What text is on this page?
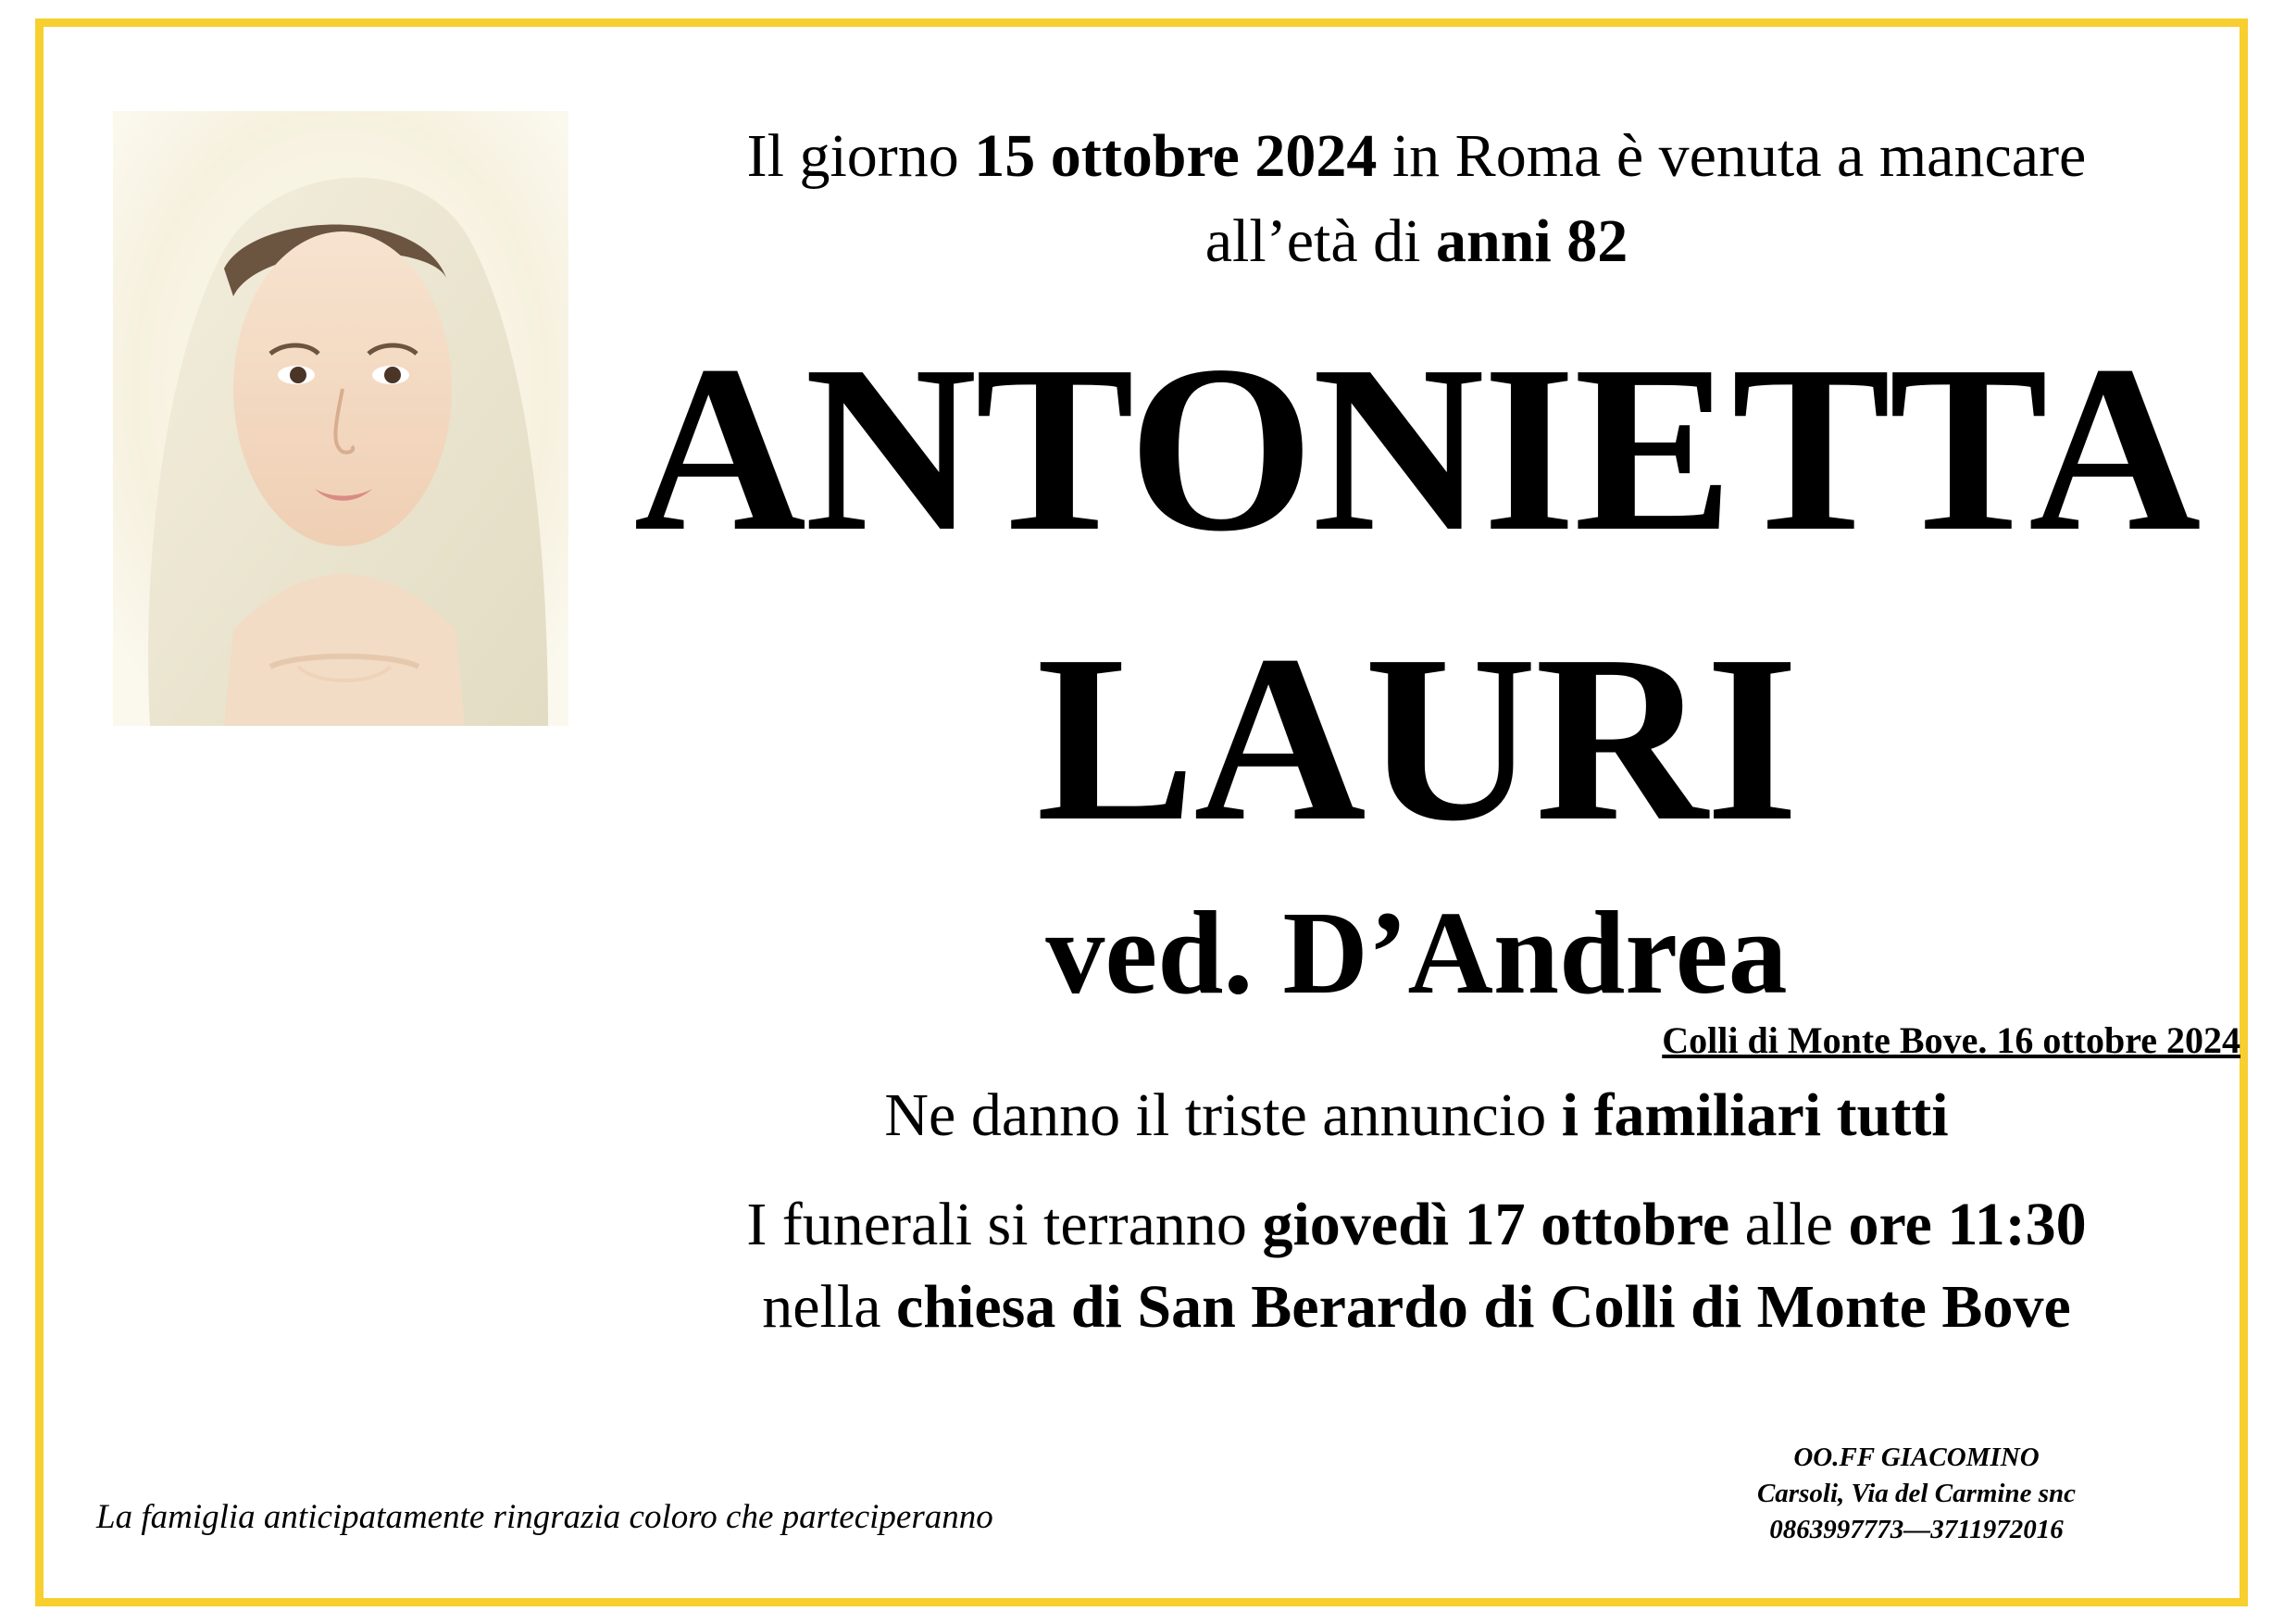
Il giorno 15 ottobre 2024 in Roma è venuta a mancare
all’età di anni 82
ANTONIETTA
LAURI
ved. D’Andrea
Colli di Monte Bove. 16 ottobre 2024
Ne danno il triste annuncio i familiari tutti
I funerali si terranno giovedì 17 ottobre alle ore 11:30
nella chiesa di San Berardo di Colli di Monte Bove
La famiglia anticipatamente ringrazia coloro che parteciperanno
OO.FF GIACOMINO
Carsoli, Via del Carmine snc
0863997773—3711972016
